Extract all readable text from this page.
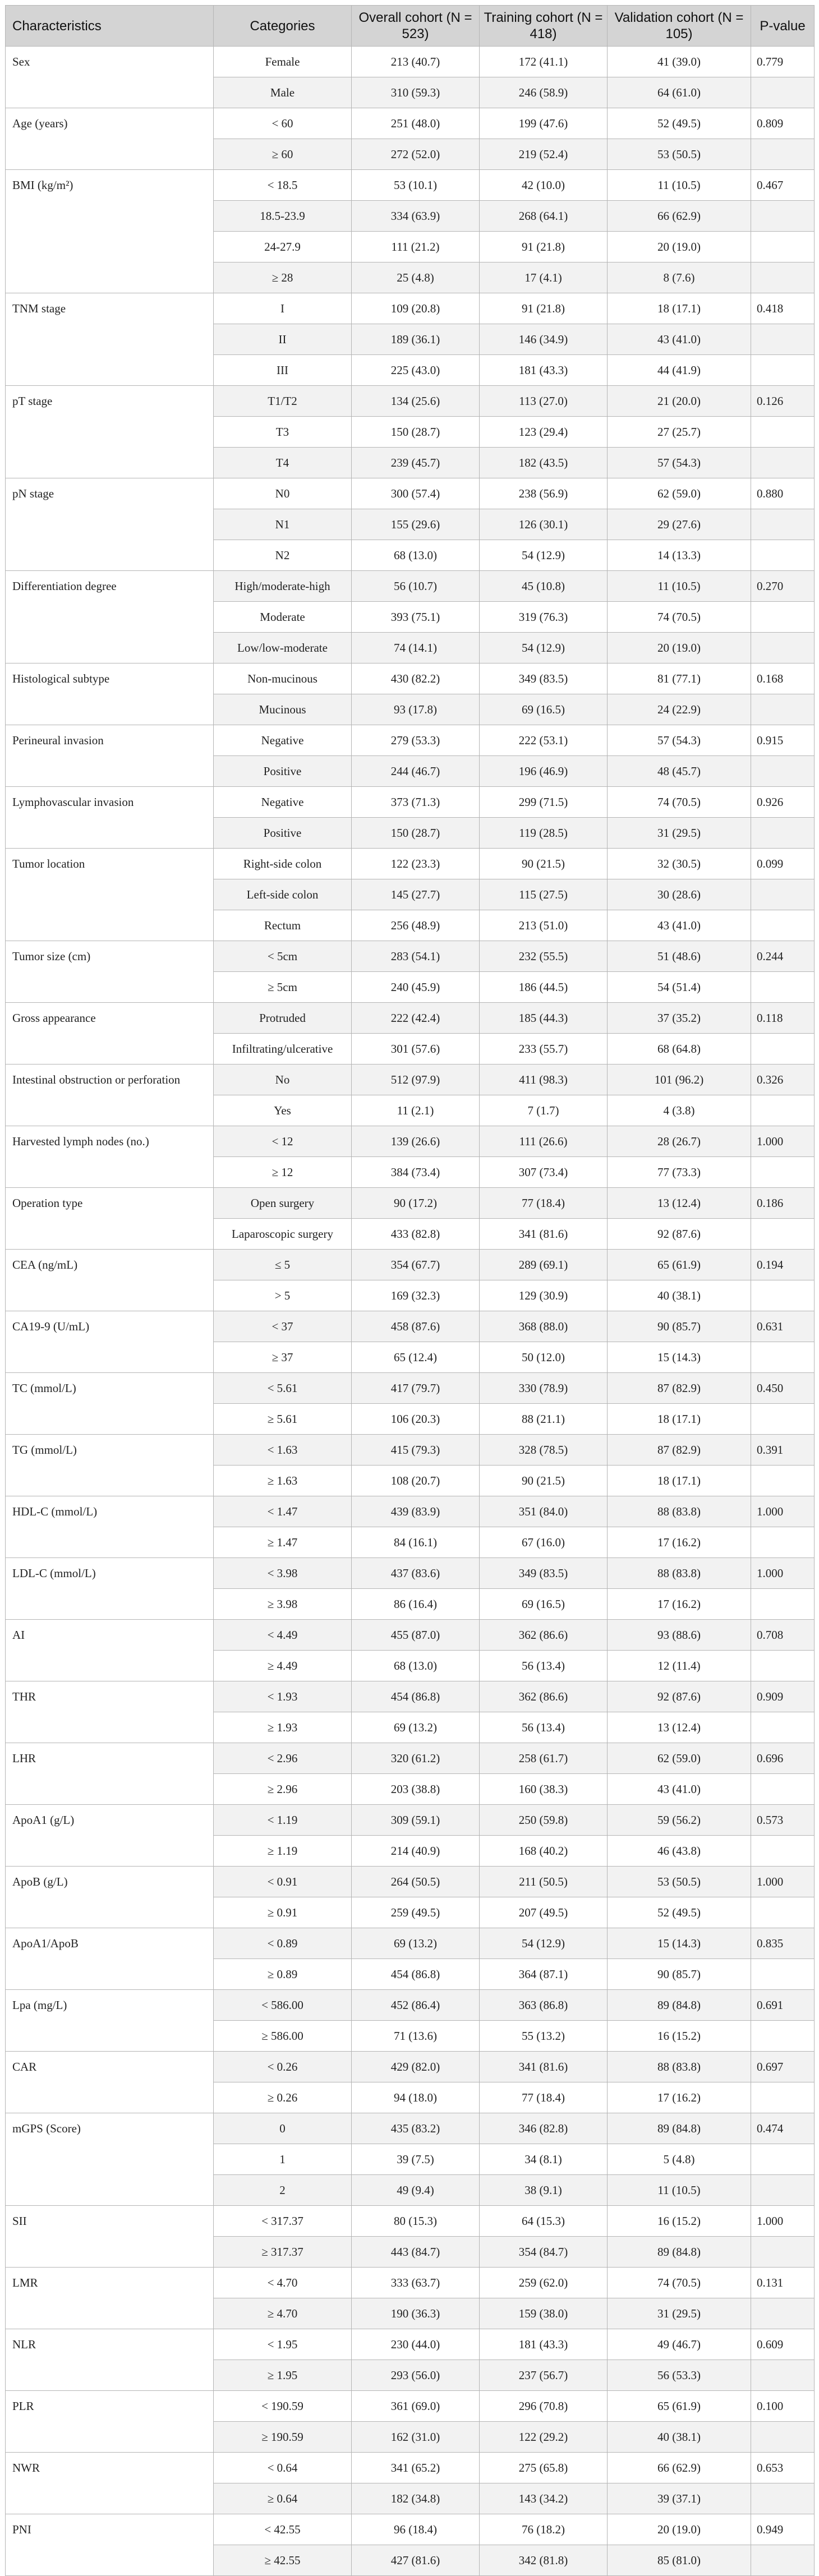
Characteristics	Categories	Overall cohort (N = 523)	Training cohort (N = 418)	Validation cohort (N = 105)	P-value
Sex	Female	213 (40.7)	172 (41.1)	41 (39.0)	0.779
	Male	310 (59.3)	246 (58.9)	64 (61.0)	
Age (years)	< 60	251 (48.0)	199 (47.6)	52 (49.5)	0.809
	≥ 60	272 (52.0)	219 (52.4)	53 (50.5)	
BMI (kg/m²)	< 18.5	53 (10.1)	42 (10.0)	11 (10.5)	0.467
	18.5-23.9	334 (63.9)	268 (64.1)	66 (62.9)	
	24-27.9	111 (21.2)	91 (21.8)	20 (19.0)	
	≥ 28	25 (4.8)	17 (4.1)	8 (7.6)	
TNM stage	I	109 (20.8)	91 (21.8)	18 (17.1)	0.418
	II	189 (36.1)	146 (34.9)	43 (41.0)	
	III	225 (43.0)	181 (43.3)	44 (41.9)	
pT stage	T1/T2	134 (25.6)	113 (27.0)	21 (20.0)	0.126
	T3	150 (28.7)	123 (29.4)	27 (25.7)	
	T4	239 (45.7)	182 (43.5)	57 (54.3)	
pN stage	N0	300 (57.4)	238 (56.9)	62 (59.0)	0.880
	N1	155 (29.6)	126 (30.1)	29 (27.6)	
	N2	68 (13.0)	54 (12.9)	14 (13.3)	
Differentiation degree	High/moderate-high	56 (10.7)	45 (10.8)	11 (10.5)	0.270
	Moderate	393 (75.1)	319 (76.3)	74 (70.5)	
	Low/low-moderate	74 (14.1)	54 (12.9)	20 (19.0)	
Histological subtype	Non-mucinous	430 (82.2)	349 (83.5)	81 (77.1)	0.168
	Mucinous	93 (17.8)	69 (16.5)	24 (22.9)	
Perineural invasion	Negative	279 (53.3)	222 (53.1)	57 (54.3)	0.915
	Positive	244 (46.7)	196 (46.9)	48 (45.7)	
Lymphovascular invasion	Negative	373 (71.3)	299 (71.5)	74 (70.5)	0.926
	Positive	150 (28.7)	119 (28.5)	31 (29.5)	
Tumor location	Right-side colon	122 (23.3)	90 (21.5)	32 (30.5)	0.099
	Left-side colon	145 (27.7)	115 (27.5)	30 (28.6)	
	Rectum	256 (48.9)	213 (51.0)	43 (41.0)	
Tumor size (cm)	< 5cm	283 (54.1)	232 (55.5)	51 (48.6)	0.244
	≥ 5cm	240 (45.9)	186 (44.5)	54 (51.4)	
Gross appearance	Protruded	222 (42.4)	185 (44.3)	37 (35.2)	0.118
	Infiltrating/ulcerative	301 (57.6)	233 (55.7)	68 (64.8)	
Intestinal obstruction or perforation	No	512 (97.9)	411 (98.3)	101 (96.2)	0.326
	Yes	11 (2.1)	7 (1.7)	4 (3.8)	
Harvested lymph nodes (no.)	< 12	139 (26.6)	111 (26.6)	28 (26.7)	1.000
	≥ 12	384 (73.4)	307 (73.4)	77 (73.3)	
Operation type	Open surgery	90 (17.2)	77 (18.4)	13 (12.4)	0.186
	Laparoscopic surgery	433 (82.8)	341 (81.6)	92 (87.6)	
CEA (ng/mL)	≤ 5	354 (67.7)	289 (69.1)	65 (61.9)	0.194
	> 5	169 (32.3)	129 (30.9)	40 (38.1)	
CA19-9 (U/mL)	< 37	458 (87.6)	368 (88.0)	90 (85.7)	0.631
	≥ 37	65 (12.4)	50 (12.0)	15 (14.3)	
TC (mmol/L)	< 5.61	417 (79.7)	330 (78.9)	87 (82.9)	0.450
	≥ 5.61	106 (20.3)	88 (21.1)	18 (17.1)	
TG (mmol/L)	< 1.63	415 (79.3)	328 (78.5)	87 (82.9)	0.391
	≥ 1.63	108 (20.7)	90 (21.5)	18 (17.1)	
HDL-C (mmol/L)	< 1.47	439 (83.9)	351 (84.0)	88 (83.8)	1.000
	≥ 1.47	84 (16.1)	67 (16.0)	17 (16.2)	
LDL-C (mmol/L)	< 3.98	437 (83.6)	349 (83.5)	88 (83.8)	1.000
	≥ 3.98	86 (16.4)	69 (16.5)	17 (16.2)	
AI	< 4.49	455 (87.0)	362 (86.6)	93 (88.6)	0.708
	≥ 4.49	68 (13.0)	56 (13.4)	12 (11.4)	
THR	< 1.93	454 (86.8)	362 (86.6)	92 (87.6)	0.909
	≥ 1.93	69 (13.2)	56 (13.4)	13 (12.4)	
LHR	< 2.96	320 (61.2)	258 (61.7)	62 (59.0)	0.696
	≥ 2.96	203 (38.8)	160 (38.3)	43 (41.0)	
ApoA1 (g/L)	< 1.19	309 (59.1)	250 (59.8)	59 (56.2)	0.573
	≥ 1.19	214 (40.9)	168 (40.2)	46 (43.8)	
ApoB (g/L)	< 0.91	264 (50.5)	211 (50.5)	53 (50.5)	1.000
	≥ 0.91	259 (49.5)	207 (49.5)	52 (49.5)	
ApoA1/ApoB	< 0.89	69 (13.2)	54 (12.9)	15 (14.3)	0.835
	≥ 0.89	454 (86.8)	364 (87.1)	90 (85.7)	
Lpa (mg/L)	< 586.00	452 (86.4)	363 (86.8)	89 (84.8)	0.691
	≥ 586.00	71 (13.6)	55 (13.2)	16 (15.2)	
CAR	< 0.26	429 (82.0)	341 (81.6)	88 (83.8)	0.697
	≥ 0.26	94 (18.0)	77 (18.4)	17 (16.2)	
mGPS (Score)	0	435 (83.2)	346 (82.8)	89 (84.8)	0.474
	1	39 (7.5)	34 (8.1)	5 (4.8)	
	2	49 (9.4)	38 (9.1)	11 (10.5)	
SII	< 317.37	80 (15.3)	64 (15.3)	16 (15.2)	1.000
	≥ 317.37	443 (84.7)	354 (84.7)	89 (84.8)	
LMR	< 4.70	333 (63.7)	259 (62.0)	74 (70.5)	0.131
	≥ 4.70	190 (36.3)	159 (38.0)	31 (29.5)	
NLR	< 1.95	230 (44.0)	181 (43.3)	49 (46.7)	0.609
	≥ 1.95	293 (56.0)	237 (56.7)	56 (53.3)	
PLR	< 190.59	361 (69.0)	296 (70.8)	65 (61.9)	0.100
	≥ 190.59	162 (31.0)	122 (29.2)	40 (38.1)	
NWR	< 0.64	341 (65.2)	275 (65.8)	66 (62.9)	0.653
	≥ 0.64	182 (34.8)	143 (34.2)	39 (37.1)	
PNI	< 42.55	96 (18.4)	76 (18.2)	20 (19.0)	0.949
	≥ 42.55	427 (81.6)	342 (81.8)	85 (81.0)	
